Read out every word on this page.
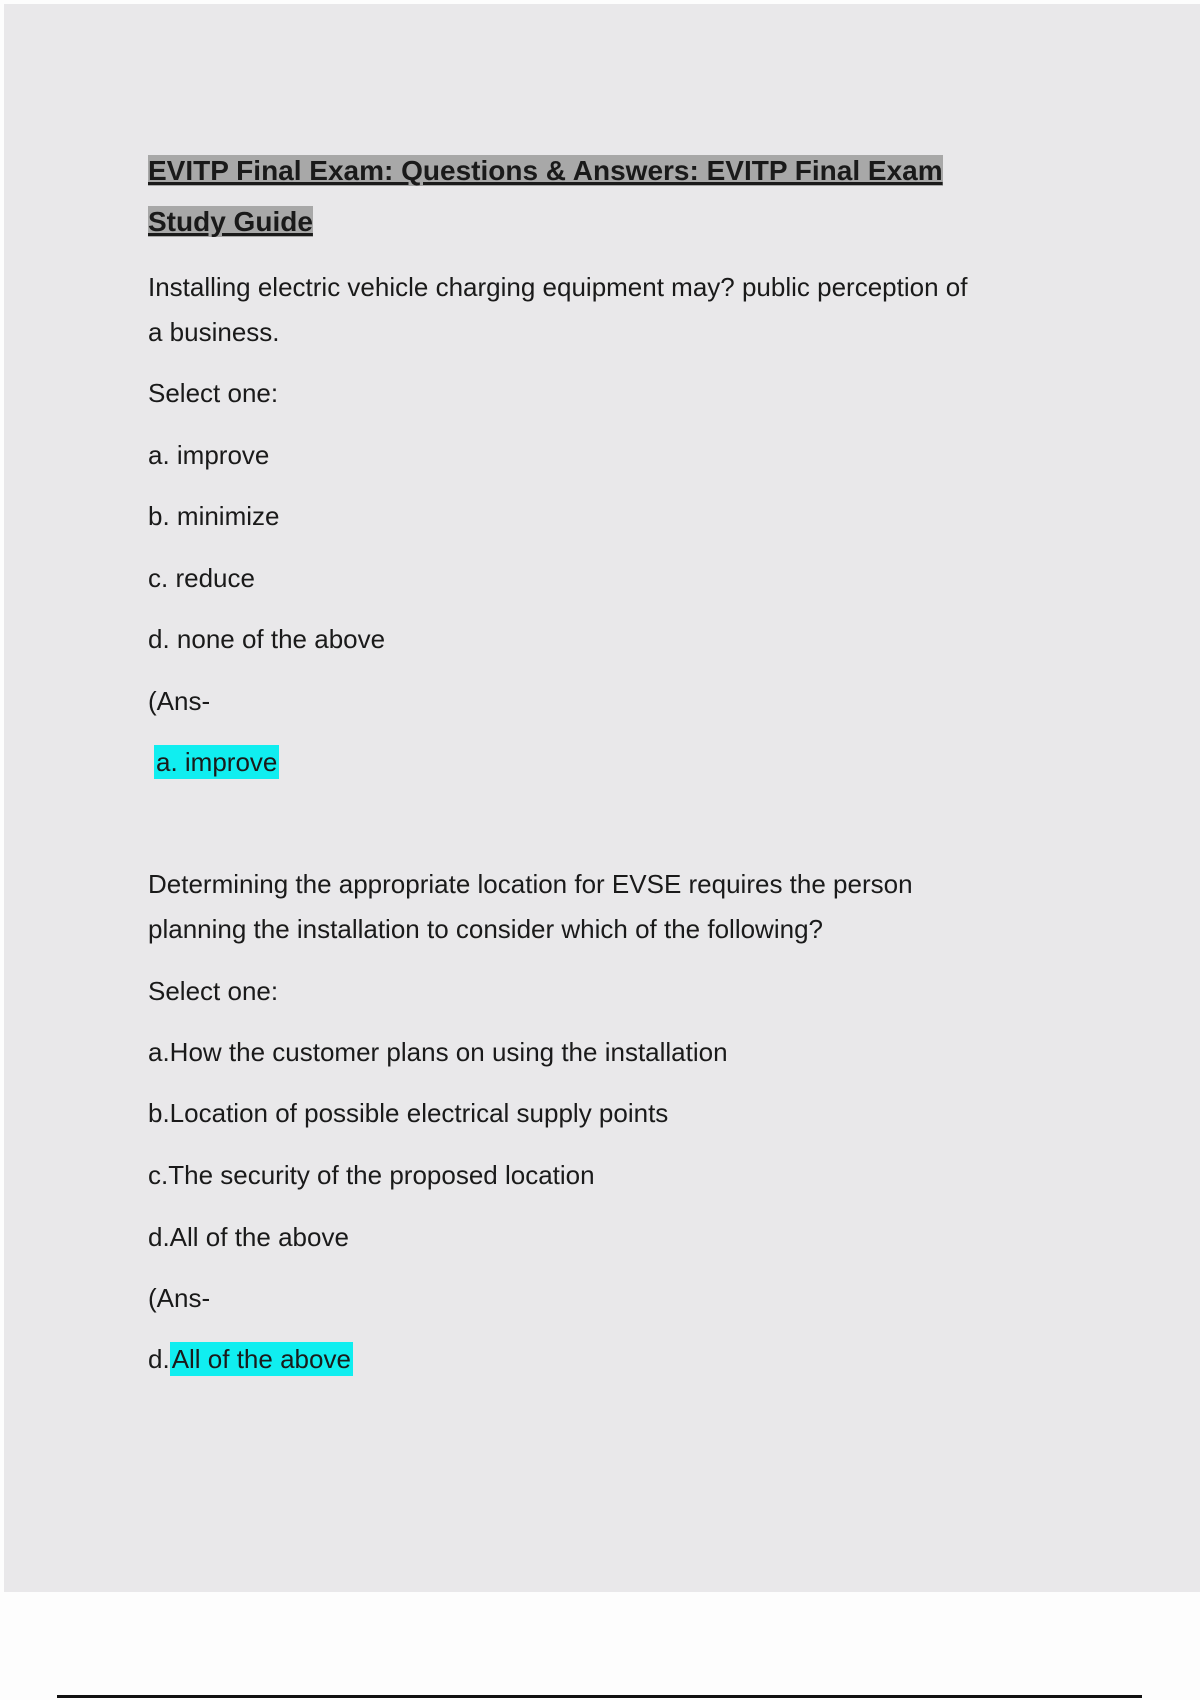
EVITP Final Exam: Questions & Answers: EVITP Final Exam
Study Guide
Installing electric vehicle charging equipment may? public perception of
a business.
Select one:
a. improve
b. minimize
c. reduce
d. none of the above
(Ans-
a. improve
Determining the appropriate location for EVSE requires the person
planning the installation to consider which of the following?
Select one:
a.How the customer plans on using the installation
b.Location of possible electrical supply points
c.The security of the proposed location
d.All of the above
(Ans-
d.All of the above
